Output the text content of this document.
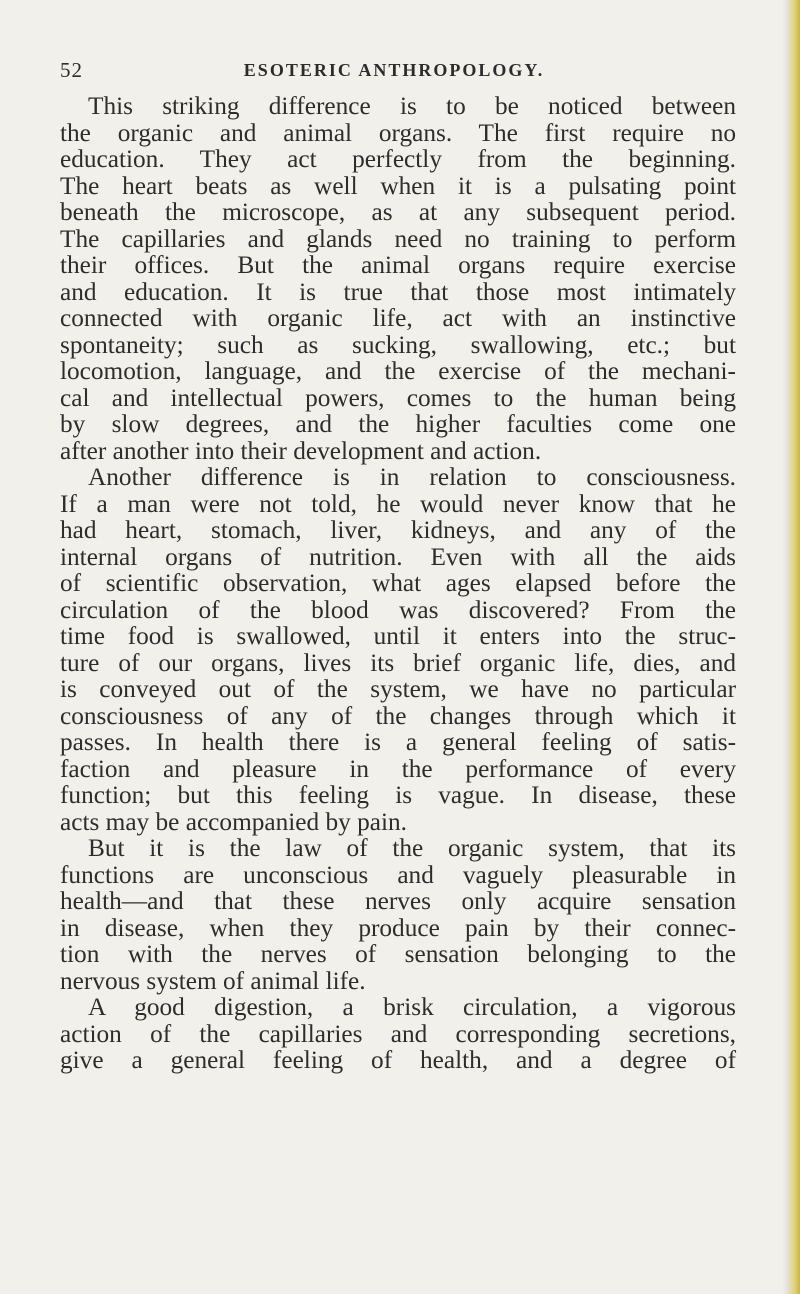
52	ESOTERIC ANTHROPOLOGY.
This striking difference is to be noticed between
the organic and animal organs. The first require no
education. They act perfectly from the beginning.
The heart beats as well when it is a pulsating point
beneath the microscope, as at any subsequent period.
The capillaries and glands need no training to perform
their offices. But the animal organs require exercise
and education. It is true that those most intimately
connected with organic life, act with an instinctive
spontaneity; such as sucking, swallowing, etc.; but
locomotion, language, and the exercise of the mechani-
cal and intellectual powers, comes to the human being
by slow degrees, and the higher faculties come one
after another into their development and action.
Another difference is in relation to consciousness.
If a man were not told, he would never know that he
had heart, stomach, liver, kidneys, and any of the
internal organs of nutrition. Even with all the aids
of scientific observation, what ages elapsed before the
circulation of the blood was discovered? From the
time food is swallowed, until it enters into the struc-
ture of our organs, lives its brief organic life, dies, and
is conveyed out of the system, we have no particular
consciousness of any of the changes through which it
passes. In health there is a general feeling of satis-
faction and pleasure in the performance of every
function; but this feeling is vague. In disease, these
acts may be accompanied by pain.
But it is the law of the organic system, that its
functions are unconscious and vaguely pleasurable in
health—and that these nerves only acquire sensation
in disease, when they produce pain by their connec-
tion with the nerves of sensation belonging to the
nervous system of animal life.
A good digestion, a brisk circulation, a vigorous
action of the capillaries and corresponding secretions,
give a general feeling of health, and a degree of
